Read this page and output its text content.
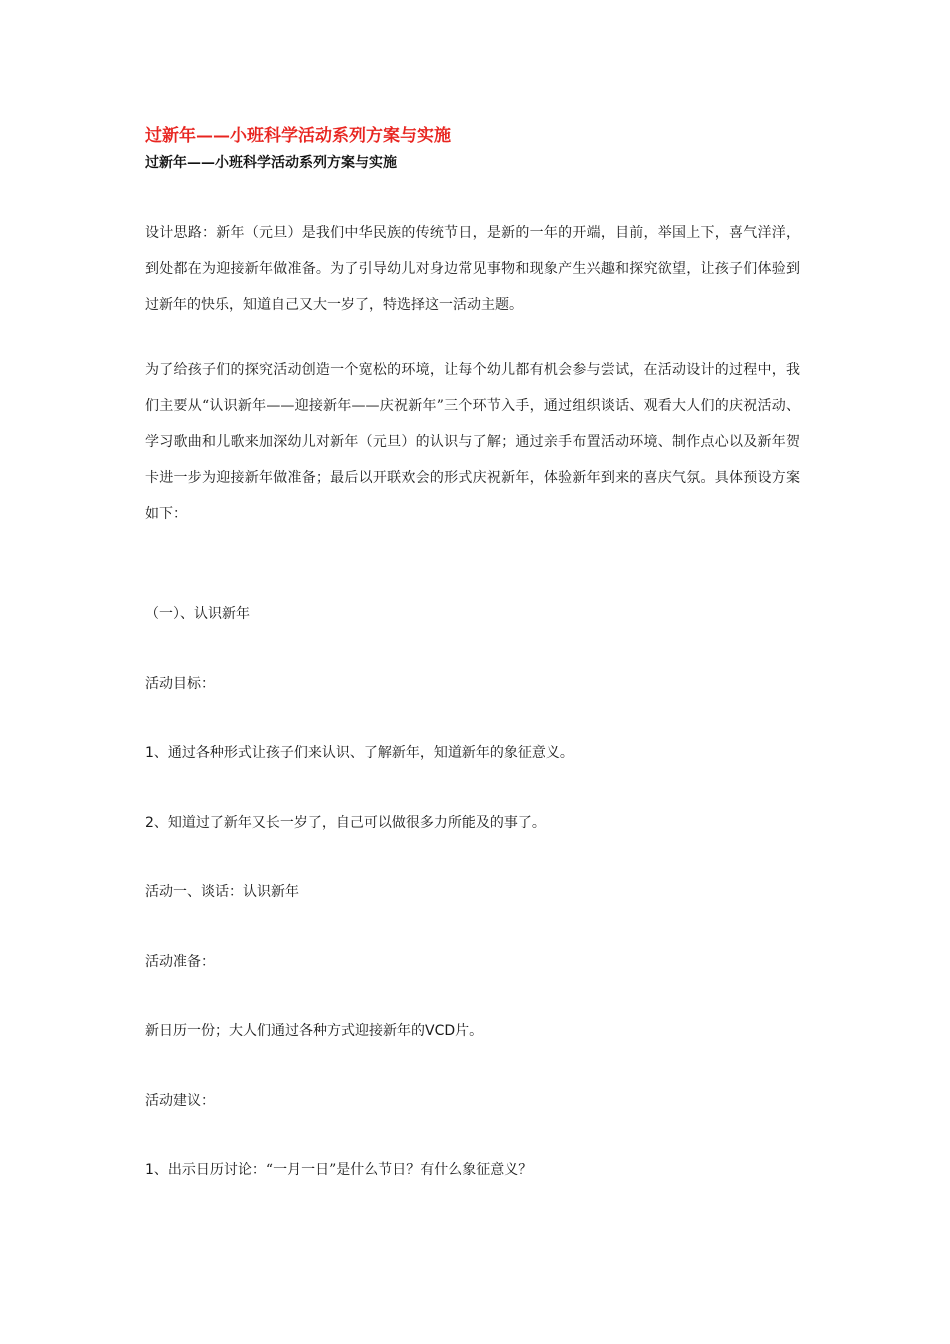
过新年——小班科学活动系列方案与实施
过新年——小班科学活动系列方案与实施

设计思路：新年（元旦）是我们中华民族的传统节日，是新的一年的开端，目前，举国上下，喜气洋洋，到处都在为迎接新年做准备。为了引导幼儿对身边常见事物和现象产生兴趣和探究欲望，让孩子们体验到过新年的快乐，知道自己又大一岁了，特选择这一活动主题。

为了给孩子们的探究活动创造一个宽松的环境，让每个幼儿都有机会参与尝试，在活动设计的过程中，我们主要从“认识新年——迎接新年——庆祝新年”三个环节入手，通过组织谈话、观看大人们的庆祝活动、学习歌曲和儿歌来加深幼儿对新年（元旦）的认识与了解；通过亲手布置活动环境、制作点心以及新年贺卡进一步为迎接新年做准备；最后以开联欢会的形式庆祝新年，体验新年到来的喜庆气氛。具体预设方案如下：

（一）、认识新年
活动目标：
1、通过各种形式让孩子们来认识、了解新年，知道新年的象征意义。
2、知道过了新年又长一岁了，自己可以做很多力所能及的事了。
活动一、谈话：认识新年
活动准备：
新日历一份；大人们通过各种方式迎接新年的VCD片。
活动建议：
1、出示日历讨论：“一月一日”是什么节日？有什么象征意义？
